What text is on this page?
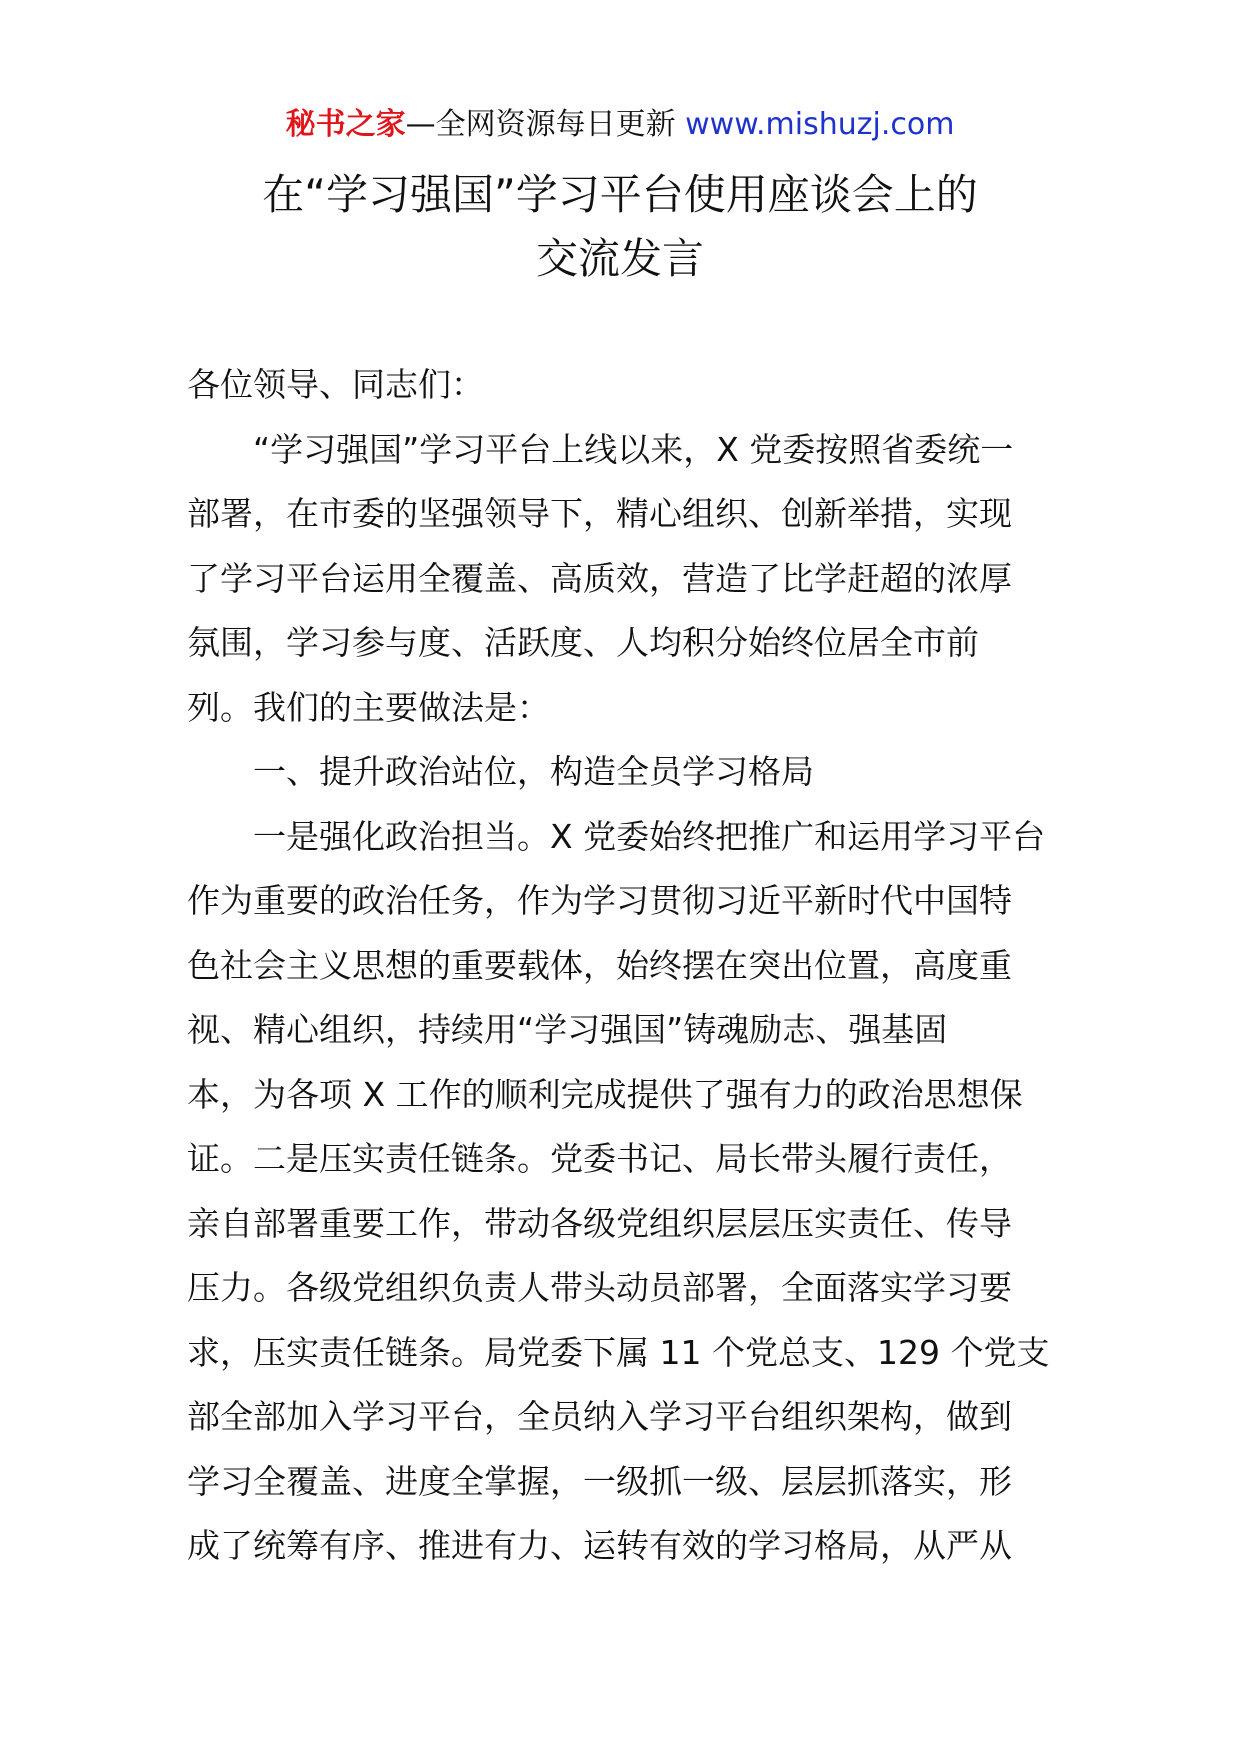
秘书之家—全网资源每日更新 www.mishuzj.com
在“学习强国”学习平台使用座谈会上的
交流发言
各位领导、同志们：
“学习强国”学习平台上线以来，X 党委按照省委统一
部署，在市委的坚强领导下，精心组织、创新举措，实现
了学习平台运用全覆盖、高质效，营造了比学赶超的浓厚
氛围，学习参与度、活跃度、人均积分始终位居全市前
列。我们的主要做法是：
一、提升政治站位，构造全员学习格局
一是强化政治担当。X 党委始终把推广和运用学习平台
作为重要的政治任务，作为学习贯彻习近平新时代中国特
色社会主义思想的重要载体，始终摆在突出位置，高度重
视、精心组织，持续用“学习强国”铸魂励志、强基固
本，为各项 X 工作的顺利完成提供了强有力的政治思想保
证。二是压实责任链条。党委书记、局长带头履行责任，
亲自部署重要工作，带动各级党组织层层压实责任、传导
压力。各级党组织负责人带头动员部署，全面落实学习要
求，压实责任链条。局党委下属 11 个党总支、129 个党支
部全部加入学习平台，全员纳入学习平台组织架构，做到
学习全覆盖、进度全掌握，一级抓一级、层层抓落实，形
成了统筹有序、推进有力、运转有效的学习格局，从严从
